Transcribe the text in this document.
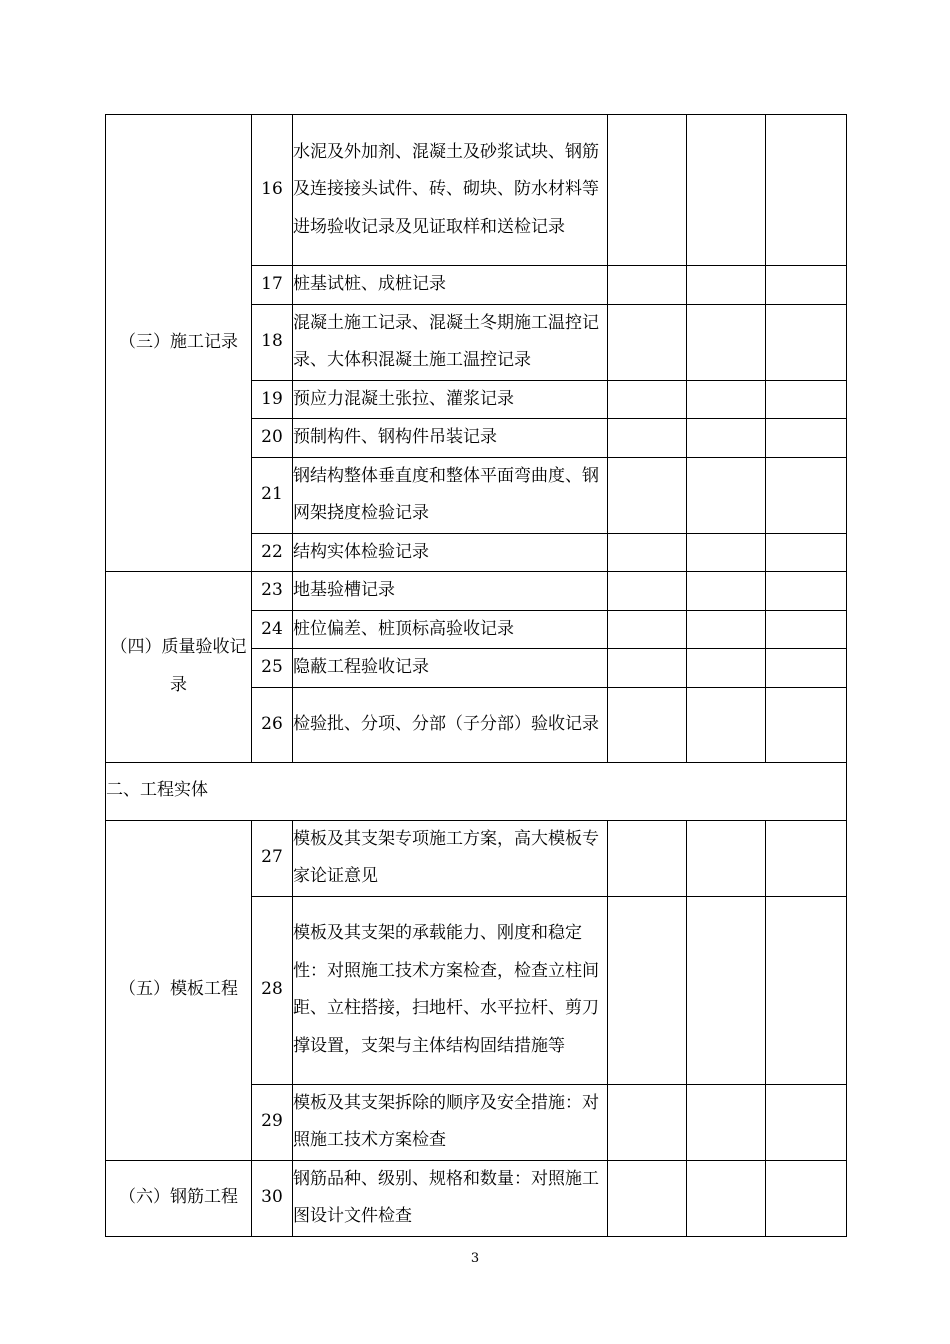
（三）施工记录	16	水泥及外加剂、混凝土及砂浆试块、钢筋及连接接头试件、砖、砌块、防水材料等进场验收记录及见证取样和送检记录			
	17	桩基试桩、成桩记录			
	18	混凝土施工记录、混凝土冬期施工温控记录、大体积混凝土施工温控记录			
	19	预应力混凝土张拉、灌浆记录			
	20	预制构件、钢构件吊装记录			
	21	钢结构整体垂直度和整体平面弯曲度、钢网架挠度检验记录			
	22	结构实体检验记录			
（四）质量验收记录	23	地基验槽记录			
	24	桩位偏差、桩顶标高验收记录			
	25	隐蔽工程验收记录			
	26	检验批、分项、分部（子分部）验收记录			
二、工程实体					
（五）模板工程	27	模板及其支架专项施工方案，高大模板专家论证意见			
	28	模板及其支架的承载能力、刚度和稳定性：对照施工技术方案检查，检查立柱间距、立柱搭接，扫地杆、水平拉杆、剪刀撑设置，支架与主体结构固结措施等			
	29	模板及其支架拆除的顺序及安全措施：对照施工技术方案检查			
（六）钢筋工程	30	钢筋品种、级别、规格和数量：对照施工图设计文件检查			
3
